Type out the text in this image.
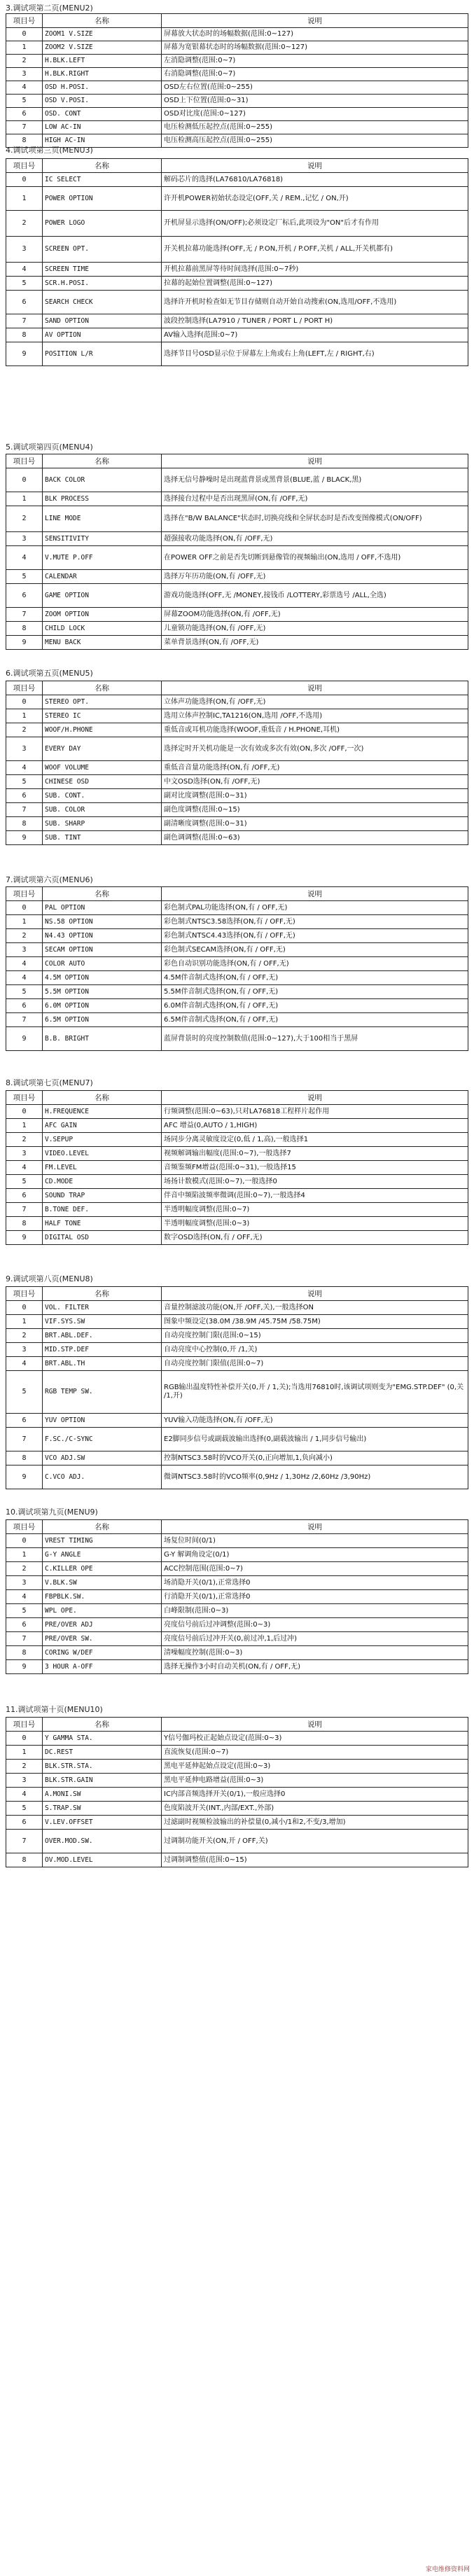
3.调试项第二页(MENU2)
项目号	名称	说明
0	ZOOM1 V.SIZE	屏幕放大状态时的场幅数据(范围:0~127)
1	ZOOM2 V.SIZE	屏幕为宽银幕状态时的场幅数据(范围:0~127)
2	H.BLK.LEFT	左消隐调整(范围:0~7)
3	H.BLK.RIGHT	右消隐调整(范围:0~7)
4	OSD H.POSI.	OSD左右位置(范围:0~255)
5	OSD V.POSI.	OSD上下位置(范围:0~31)
6	OSD. CONT	OSD对比度(范围:0~127)
7	LOW AC-IN	电压检测低压起控点(范围:0~255)
8	HIGH AC-IN	电压检测高压起控点(范围:0~255)
4.调试项第三页(MENU3)
项目号	名称	说明
0	IC SELECT	解码芯片的选择(LA76810/LA76818)
1	POWER OPTION	许开机POWER初始状态设定(OFF,关 / REM.,记忆 / ON,开)
2	POWER LOGO	开机屏显示选择(ON/OFF);必须设定厂标后,此项设为"ON"后才有作用
3	SCREEN OPT.	开关机拉幕功能选择(OFF,无 / P.ON,开机 / P.OFF,关机 / ALL,开关机都有)
4	SCREEN TIME	开机拉幕前黑屏等待时间选择(范围:0~7秒)
5	SCR.H.POSI.	拉幕的起始位置调整(范围:0~127)
6	SEARCH CHECK	选择许开机时检查如无节目存储则自动开始自动搜索(ON,选用/OFF,不选用)
7	SAND OPTION	波段控制选择(LA7910 / TUNER / PORT L / PORT H)
8	AV OPTION	AV输入选择(范围:0~7)
9	POSITION L/R	选择节目号OSD显示位于屏幕左上角或右上角(LEFT,左 / RIGHT,右)
5.调试项第四页(MENU4)
项目号	名称	说明
0	BACK COLOR	选择无信号静噪时是出现蓝背景或黑背景(BLUE,蓝 / BLACK,黑)
1	BLK PROCESS	选择接台过程中是否出现黑屏(ON,有 /OFF,无)
2	LINE MODE	选择在"B/W BALANCE"状态时,切换亮线和全屏状态时是否改变图像模式(ON/OFF)
3	SENSITIVITY	超强接收功能选择(ON,有 /OFF,无)
4	V.MUTE P.OFF	在POWER OFF之前是否先切断到悬像管的视频输出(ON,选用 / OFF,不选用)
5	CALENDAR	选择万年历功能(ON,有 /OFF,无)
6	GAME OPTION	游戏功能选择(OFF,无 /MONEY,接钱币 /LOTTERY,彩票选号 /ALL,全选)
7	ZOOM OPTION	屏幕ZOOM功能选择(ON,有 /OFF,无)
8	CHILD LOCK	儿童锁功能选择(ON,有 /OFF,无)
9	MENU BACK	菜单背景选择(ON,有 /OFF,无)
6.调试项第五页(MENU5)
项目号	名称	说明
0	STEREO OPT.	立体声功能选择(ON,有 /OFF,无)
1	STEREO IC	选用立体声控制IC,TA1216(ON,选用 /OFF,不选用)
2	WOOF/H.PHONE	重低音或耳机功能选择(WOOF,重低音 / H.PHONE,耳机)
3	EVERY DAY	选择定时开关机功能是一次有效或多次有效(ON,多次 /OFF,一次)
4	WOOF VOLUME	重低音音量功能选择(ON,有 /OFF,无)
5	CHINESE OSD	中文OSD选择(ON,有 /OFF,无)
6	SUB. CONT.	副对比度调整(范围:0~31)
7	SUB. COLOR	副色度调整(范围:0~15)
8	SUB. SHARP	副清晰度调整(范围:0~31)
9	SUB. TINT	副色调调整(范围:0~63)
7.调试项第六页(MENU6)
项目号	名称	说明
0	PAL OPTION	彩色制式PAL功能选择(ON,有 / OFF,无)
1	NS.58 OPTION	彩色制式NTSC3.58选择(ON,有 / OFF,无)
2	N4.43 OPTION	彩色制式NTSC4.43选择(ON,有 / OFF,无)
3	SECAM OPTION	彩色制式SECAM选择(ON,有 / OFF,无)
4	COLOR AUTO	彩色自动识别功能选择(ON,有 / OFF,无)
4	4.5M OPTION	4.5M伴音制式选择(ON,有 / OFF,无)
5	5.5M OPTION	5.5M伴音制式选择(ON,有 / OFF,无)
6	6.0M OPTION	6.0M伴音制式选择(ON,有 / OFF,无)
7	6.5M OPTION	6.5M伴音制式选择(ON,有 / OFF,无)
9	B.B. BRIGHT	蓝屏背景时的亮度控制数值(范围:0~127),大于100相当于黑屏
8.调试项第七页(MENU7)
项目号	名称	说明
0	H.FREQUENCE	行频调整(范围:0~63),只对LA76818工程样片起作用
1	AFC GAIN	AFC 增益(0,AUTO / 1,HIGH)
2	V.SEPUP	场同步分离灵敏度设定(0,低 / 1,高),一般选择1
3	VIDEO.LEVEL	视频解调输出幅度(范围:0~7),一般选择7
4	FM.LEVEL	音频鉴频FM增益(范围:0~31),一般选择15
5	CD.MODE	场扬计数模式(范围:0~7),一般选择0
6	SOUND TRAP	伴音中频陷波频率微调(范围:0~7),一般选择4
7	B.TONE DEF.	半透明幅度调整(范围:0~7)
8	HALF TONE	半透明幅度调整(范围:0~3)
9	DIGITAL OSD	数字OSD选择(ON,有 / OFF,无)
9.调试项第八页(MENU8)
项目号	名称	说明
0	VOL. FILTER	音量控制滤波功能(ON,开 /OFF,关),一般选择ON
1	VIF.SYS.SW	图象中频设定(38.0M /38.9M /45.75M /58.75M)
2	BRT.ABL.DEF.	自动亮度控制门限(范围:0~15)
3	MID.STP.DEF	自动亮度中心控制(0,开 /1,关)
4	BRT.ABL.TH	自动亮度控制门限值(范围:0~7)
5	RGB TEMP SW.	RGB输出温度特性补偿开关(0,开 / 1,关);当选用76810时,该调试项则变为"EMG.STP.DEF" (0,关 /1,开)
6	YUV OPTION	YUV输入功能选择(ON,有 /OFF,无)
7	F.SC./C-SYNC	E2脚同步信号或副载波输出选择(0,副载波输出 / 1,同步信号输出)
8	VCO ADJ.SW	控制NTSC3.58时的VCO开关(0,正向增加,1,负向减小)
9	C.VCO ADJ.	微调NTSC3.58时的VCO频率(0,9Hz / 1,30Hz /2,60Hz /3,90Hz)
10.调试项第九页(MENU9)
项目号	名称	说明
0	VREST TIMING	场复位时间(0/1)
1	G-Y ANGLE	G-Y 解调角设定(0/1)
2	C.KILLER OPE	ACC控制范围(范围:0~7)
3	V.BLK.SW	场消隐开关(0/1),正常选择0
4	FBPBLK.SW.	行消隐开关(0/1),正常选择0
5	WPL OPE.	白峰限制(范围:0~3)
6	PRE/OVER ADJ	亮度信号前后过冲调整(范围:0~3)
7	PRE/OVER SW.	亮度信号前后过冲开关(0,前过冲,1,后过冲)
8	CORING W/DEF	清噪幅度控制(范围:0~3)
9	3 HOUR A-OFF	选择无操作3小时自动关机(ON,有 / OFF,无)
11.调试项第十页(MENU10)
项目号	名称	说明
0	Y GAMMA STA.	Y信号伽玛校正起始点设定(范围:0~3)
1	DC.REST	直流恢复(范围:0~7)
2	BLK.STR.STA.	黑电平延伸起始点设定(范围:0~3)
3	BLK.STR.GAIN	黑电平延伸电路增益(范围:0~3)
4	A.MONI.SW	IC内部音频选择开关(0/1),一般应选择0
5	S.TRAP.SW	色度陷波开关(INT.,内部/EXT.,外部)
6	V.LEV.OFFSET	过滤副时视频检波输出的补偿量(0,减小/1和2,不变/3,增加)
7	OVER.MOD.SW.	过调制功能开关(ON,开 / OFF,关)
8	OV.MOD.LEVEL	过调制调整值(范围:0~15)
家电维修资料网
